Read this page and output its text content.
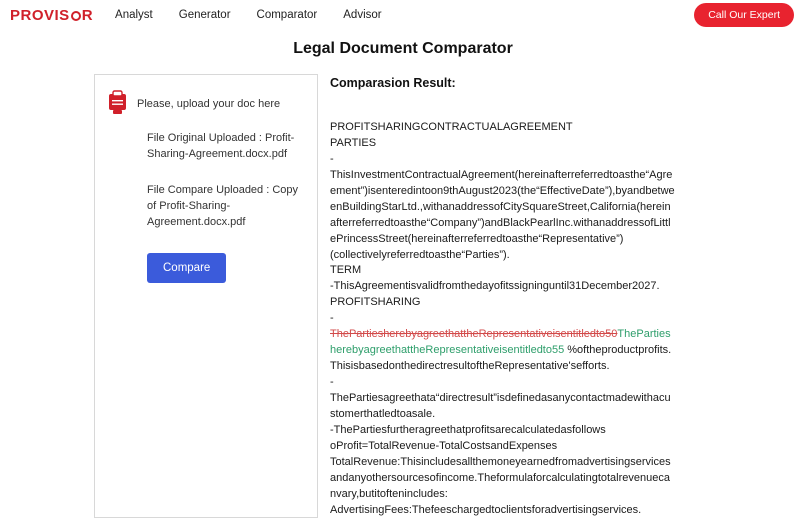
PROVIS R Analyst Generator Comparator Advisor	Call Our Expert
Legal Document Comparator
Please, upload your doc here
File Original Uploaded : Profit-Sharing-Agreement.docx.pdf
File Compare Uploaded : Copy of Profit-Sharing-Agreement.docx.pdf
Compare
Comparasion Result:
PROFITSHARINGCONTRACTUALAGREEMENT
PARTIES
-ThisInvestmentContractualAgreement(hereinafterreferredtoasthe“Agreement”)isenteredintoon9thAugust2023(the“EffectiveDate”),byandbetweenBuildingStarLtd.,withanaddressofCitySquareStreet,California(hereinafterreferredtoasthe“Company”)andBlackPearlInc.withanaddressofLittlePrincessStreet(hereinafterreferredtoasthe“Representative”)(collectivelyreferredtoasthe“Parties”).
TERM
-ThisAgreementisvalidfromthedayofitssigninguntil31December2027.
PROFITSHARING
- ThePartiesherebyagreethattheRepresentativeisentitledto50ThePartiesherebyagreethattheRepresentativeisentitledto55 %oftheproductprofits.
ThisisbasedonthedirectresultoftheRepresentative'sefforts.
-ThePartiesagreethata“directresult”isdefinedasanycontactmadewithacustomerthatledtoasale.
-ThePartiesfurtheragreethatprofitsarecalculatedasfollows
oProfit=TotalRevenue-TotalCostsandExpenses
TotalRevenue:Thisincludesallthemoneyearnedfromadvertisingservicesandanyothersourcesofincome.Theformulaforcalculatingtotalrevenuecanvary,butitoftenincludes:
AdvertisingFees:Thefeeschargedtoclientsforadvertisingservices.
